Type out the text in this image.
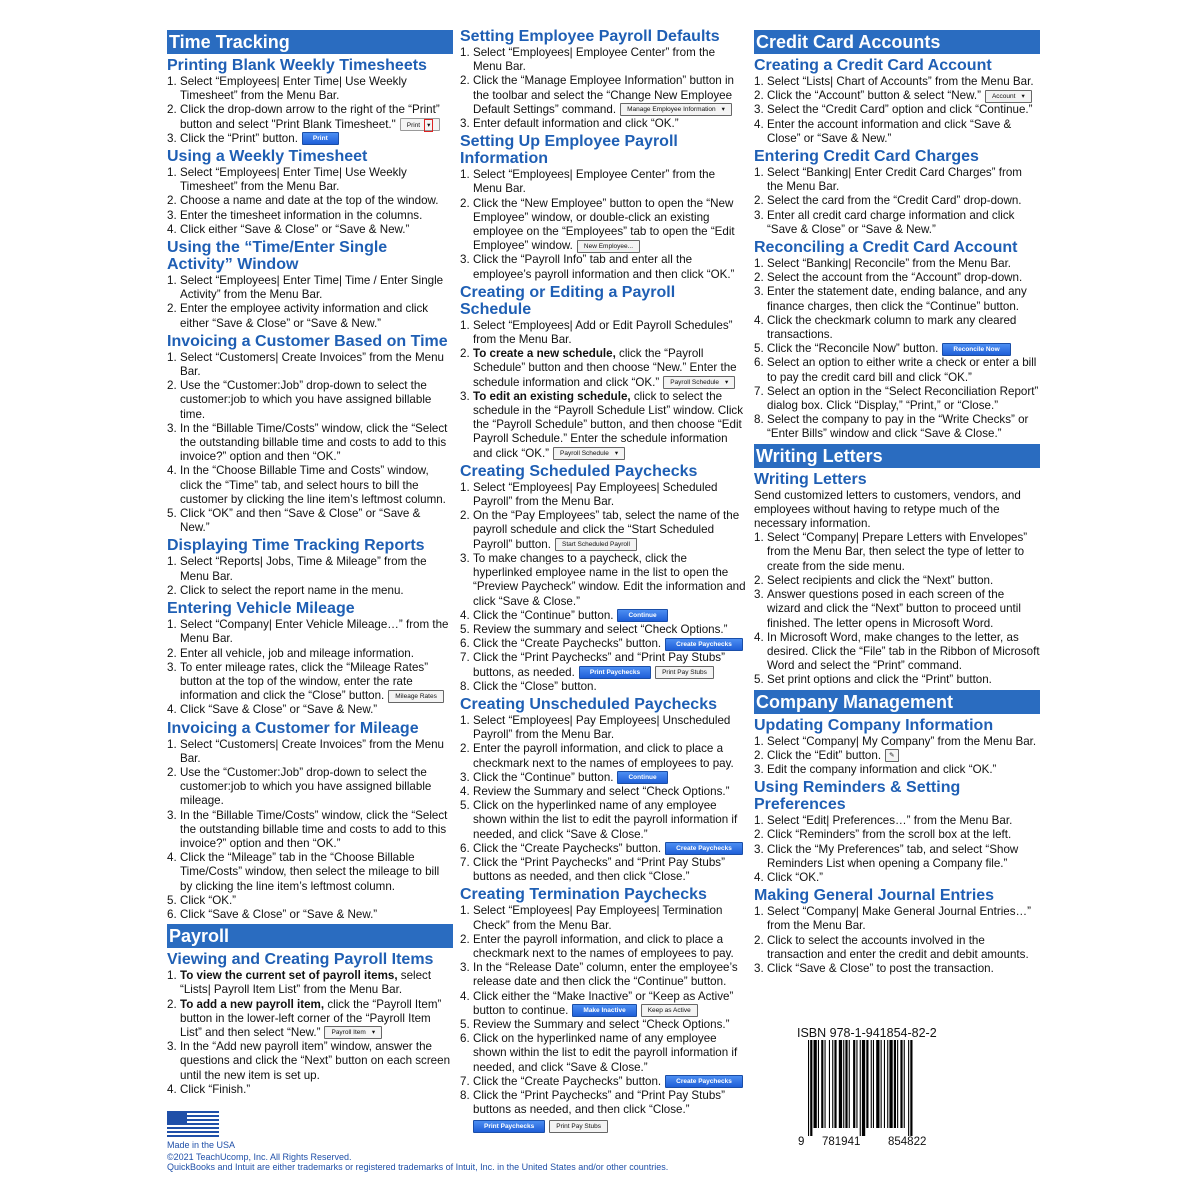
Time Tracking
Printing Blank Weekly Timesheets
1. Select “Employees| Enter Time| Use Weekly Timesheet” from the Menu Bar.
2. Click the drop-down arrow to the right of the “Print” button and select "Print Blank Timesheet." Print ▾
3. Click the “Print” button. Print
Using a Weekly Timesheet
1. Select “Employees| Enter Time| Use Weekly Timesheet” from the Menu Bar.
2. Choose a name and date at the top of the window.
3. Enter the timesheet information in the columns.
4. Click either “Save & Close” or “Save & New.”
Using the “Time/Enter Single Activity” Window
1. Select “Employees| Enter Time| Time / Enter Single Activity” from the Menu Bar.
2. Enter the employee activity information and click either “Save & Close” or “Save & New.”
Invoicing a Customer Based on Time
1. Select “Customers| Create Invoices” from the Menu Bar.
2. Use the “Customer:Job” drop-down to select the customer:job to which you have assigned billable time.
3. In the “Billable Time/Costs” window, click the “Select the outstanding billable time and costs to add to this invoice?” option and then “OK.”
4. In the “Choose Billable Time and Costs” window, click the “Time” tab, and select hours to bill the customer by clicking the line item’s leftmost column.
5. Click “OK” and then “Save & Close” or “Save & New.”
Displaying Time Tracking Reports
1. Select “Reports| Jobs, Time & Mileage” from the Menu Bar.
2. Click to select the report name in the menu.
Entering Vehicle Mileage
1. Select “Company| Enter Vehicle Mileage…” from the Menu Bar.
2. Enter all vehicle, job and mileage information.
3. To enter mileage rates, click the “Mileage Rates” button at the top of the window, enter the rate information and click the “Close” button. Mileage Rates
4. Click “Save & Close” or “Save & New.”
Invoicing a Customer for Mileage
1. Select “Customers| Create Invoices” from the Menu Bar.
2. Use the “Customer:Job” drop-down to select the customer:job to which you have assigned billable mileage.
3. In the “Billable Time/Costs” window, click the “Select the outstanding billable time and costs to add to this invoice?” option and then “OK.”
4. Click the “Mileage” tab in the “Choose Billable Time/Costs” window, then select the mileage to bill by clicking the line item’s leftmost column.
5. Click “OK.”
6. Click “Save & Close” or “Save & New.”
Payroll
Viewing and Creating Payroll Items
1. To view the current set of payroll items, select “Lists| Payroll Item List” from the Menu Bar.
2. To add a new payroll item, click the “Payroll Item” button in the lower-left corner of the “Payroll Item List” and then select “New.” Payroll Item ▾
3. In the “Add new payroll item” window, answer the questions and click the “Next” button on each screen until the new item is set up.
4. Click “Finish.”
Setting Employee Payroll Defaults
1. Select “Employees| Employee Center” from the Menu Bar.
2. Click the “Manage Employee Information” button in the toolbar and select the “Change New Employee Default Settings” command. Manage Employee Information ▾
3. Enter default information and click “OK.”
Setting Up Employee Payroll Information
1. Select “Employees| Employee Center” from the Menu Bar.
2. Click the “New Employee” button to open the “New Employee” window, or double-click an existing employee on the “Employees” tab to open the “Edit Employee” window. New Employee...
3. Click the “Payroll Info” tab and enter all the employee’s payroll information and then click “OK.”
Creating or Editing a Payroll Schedule
1. Select “Employees| Add or Edit Payroll Schedules” from the Menu Bar.
2. To create a new schedule, click the “Payroll Schedule” button and then choose “New.” Enter the schedule information and click “OK.” Payroll Schedule ▾
3. To edit an existing schedule, click to select the schedule in the “Payroll Schedule List” window. Click the “Payroll Schedule” button, and then choose “Edit Payroll Schedule.” Enter the schedule information and click “OK.” Payroll Schedule ▾
Creating Scheduled Paychecks
1. Select “Employees| Pay Employees| Scheduled Payroll” from the Menu Bar.
2. On the “Pay Employees” tab, select the name of the payroll schedule and click the “Start Scheduled Payroll” button. Start Scheduled Payroll
3. To make changes to a paycheck, click the hyperlinked employee name in the list to open the “Preview Paycheck” window. Edit the information and click “Save & Close.”
4. Click the “Continue” button. Continue
5. Review the summary and select “Check Options.”
6. Click the “Create Paychecks” button. Create Paychecks
7. Click the “Print Paychecks” and “Print Pay Stubs” buttons, as needed. Print Paychecks	Print Pay Stubs
8. Click the “Close” button.
Creating Unscheduled Paychecks
1. Select “Employees| Pay Employees| Unscheduled Payroll” from the Menu Bar.
2. Enter the payroll information, and click to place a checkmark next to the names of employees to pay.
3. Click the “Continue” button. Continue
4. Review the Summary and select “Check Options.”
5. Click on the hyperlinked name of any employee shown within the list to edit the payroll information if needed, and click “Save & Close.”
6. Click the “Create Paychecks” button. Create Paychecks
7. Click the “Print Paychecks” and “Print Pay Stubs” buttons as needed, and then click “Close.”
Creating Termination Paychecks
1. Select “Employees| Pay Employees| Termination Check” from the Menu Bar.
2. Enter the payroll information, and click to place a checkmark next to the names of employees to pay.
3. In the “Release Date” column, enter the employee’s release date and then click the “Continue” button.
4. Click either the “Make Inactive” or “Keep as Active” button to continue. Make Inactive	Keep as Active
5. Review the Summary and select “Check Options.”
6. Click on the hyperlinked name of any employee shown within the list to edit the payroll information if needed, and click “Save & Close.”
7. Click the “Create Paychecks” button. Create Paychecks
8. Click the “Print Paychecks” and “Print Pay Stubs” buttons as needed, and then click “Close.”
Print Paychecks	Print Pay Stubs
Credit Card Accounts
Creating a Credit Card Account
1. Select “Lists| Chart of Accounts” from the Menu Bar.
2. Click the “Account” button & select “New.” Account ▾
3. Select the “Credit Card” option and click “Continue.”
4. Enter the account information and click “Save & Close” or “Save & New.”
Entering Credit Card Charges
1. Select “Banking| Enter Credit Card Charges” from the Menu Bar.
2. Select the card from the “Credit Card” drop-down.
3. Enter all credit card charge information and click “Save & Close” or “Save & New.”
Reconciling a Credit Card Account
1. Select “Banking| Reconcile” from the Menu Bar.
2. Select the account from the “Account” drop-down.
3. Enter the statement date, ending balance, and any finance charges, then click the “Continue” button.
4. Click the checkmark column to mark any cleared transactions.
5. Click the “Reconcile Now” button. Reconcile Now
6. Select an option to either write a check or enter a bill to pay the credit card bill and click “OK.”
7. Select an option in the “Select Reconciliation Report” dialog box. Click “Display,” “Print,” or “Close.”
8. Select the company to pay in the “Write Checks” or “Enter Bills” window and click “Save & Close.”
Writing Letters
Writing Letters
Send customized letters to customers, vendors, and employees without having to retype much of the necessary information.
1. Select “Company| Prepare Letters with Envelopes” from the Menu Bar, then select the type of letter to create from the side menu.
2. Select recipients and click the “Next” button.
3. Answer questions posed in each screen of the wizard and click the “Next” button to proceed until finished. The letter opens in Microsoft Word.
4. In Microsoft Word, make changes to the letter, as desired. Click the “File” tab in the Ribbon of Microsoft Word and select the “Print” command.
5. Set print options and click the “Print” button.
Company Management
Updating Company Information
1. Select “Company| My Company” from the Menu Bar.
2. Click the “Edit” button. ✎
3. Edit the company information and click “OK.”
Using Reminders & Setting Preferences
1. Select “Edit| Preferences…” from the Menu Bar.
2. Click “Reminders” from the scroll box at the left.
3. Click the “My Preferences” tab, and select “Show Reminders List when opening a Company file.”
4. Click “OK.”
Making General Journal Entries
1. Select “Company| Make General Journal Entries…” from the Menu Bar.
2. Click to select the accounts involved in the transaction and enter the credit and debit amounts.
3. Click “Save & Close” to post the transaction.
Made in the USA
©2021 TeachUcomp, Inc. All Rights Reserved.
QuickBooks and Intuit are either trademarks or registered trademarks of Intuit, Inc. in the United States and/or other countries.
ISBN 978-1-941854-82-2
9 781941 854822
